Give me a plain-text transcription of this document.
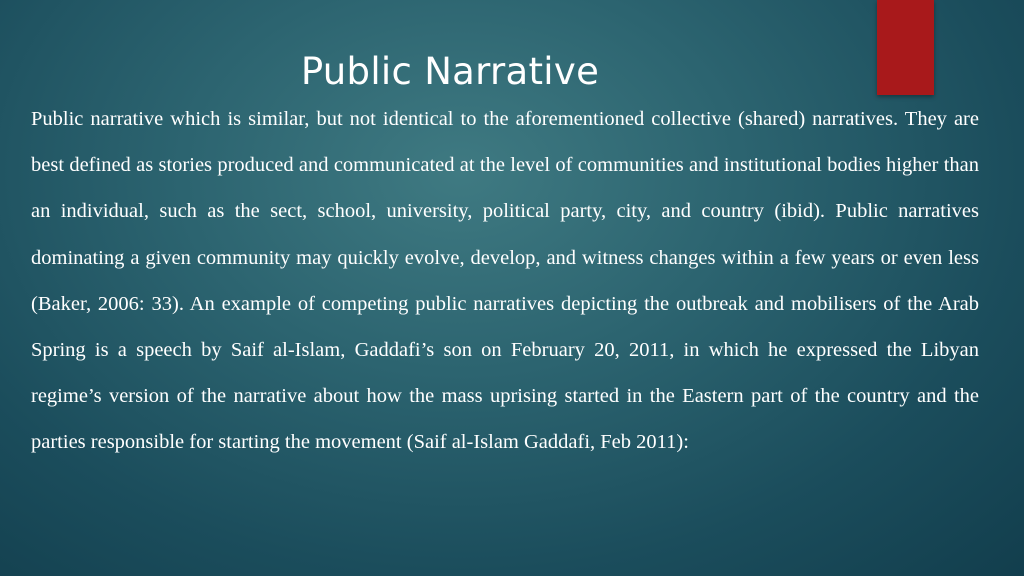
Public Narrative

Public narrative which is similar, but not identical to the aforementioned collective (shared) narratives. They are best defined as stories produced and communicated at the level of communities and institutional bodies higher than an individual, such as the sect, school, university, political party, city, and country (ibid). Public narratives dominating a given community may quickly evolve, develop, and witness changes within a few years or even less (Baker, 2006: 33). An example of competing public narratives depicting the outbreak and mobilisers of the Arab Spring is a speech by Saif al-Islam, Gaddafi’s son on February 20, 2011, in which he expressed the Libyan regime’s version of the narrative about how the mass uprising started in the Eastern part of the country and the parties responsible for starting the movement (Saif al-Islam Gaddafi, Feb 2011):
